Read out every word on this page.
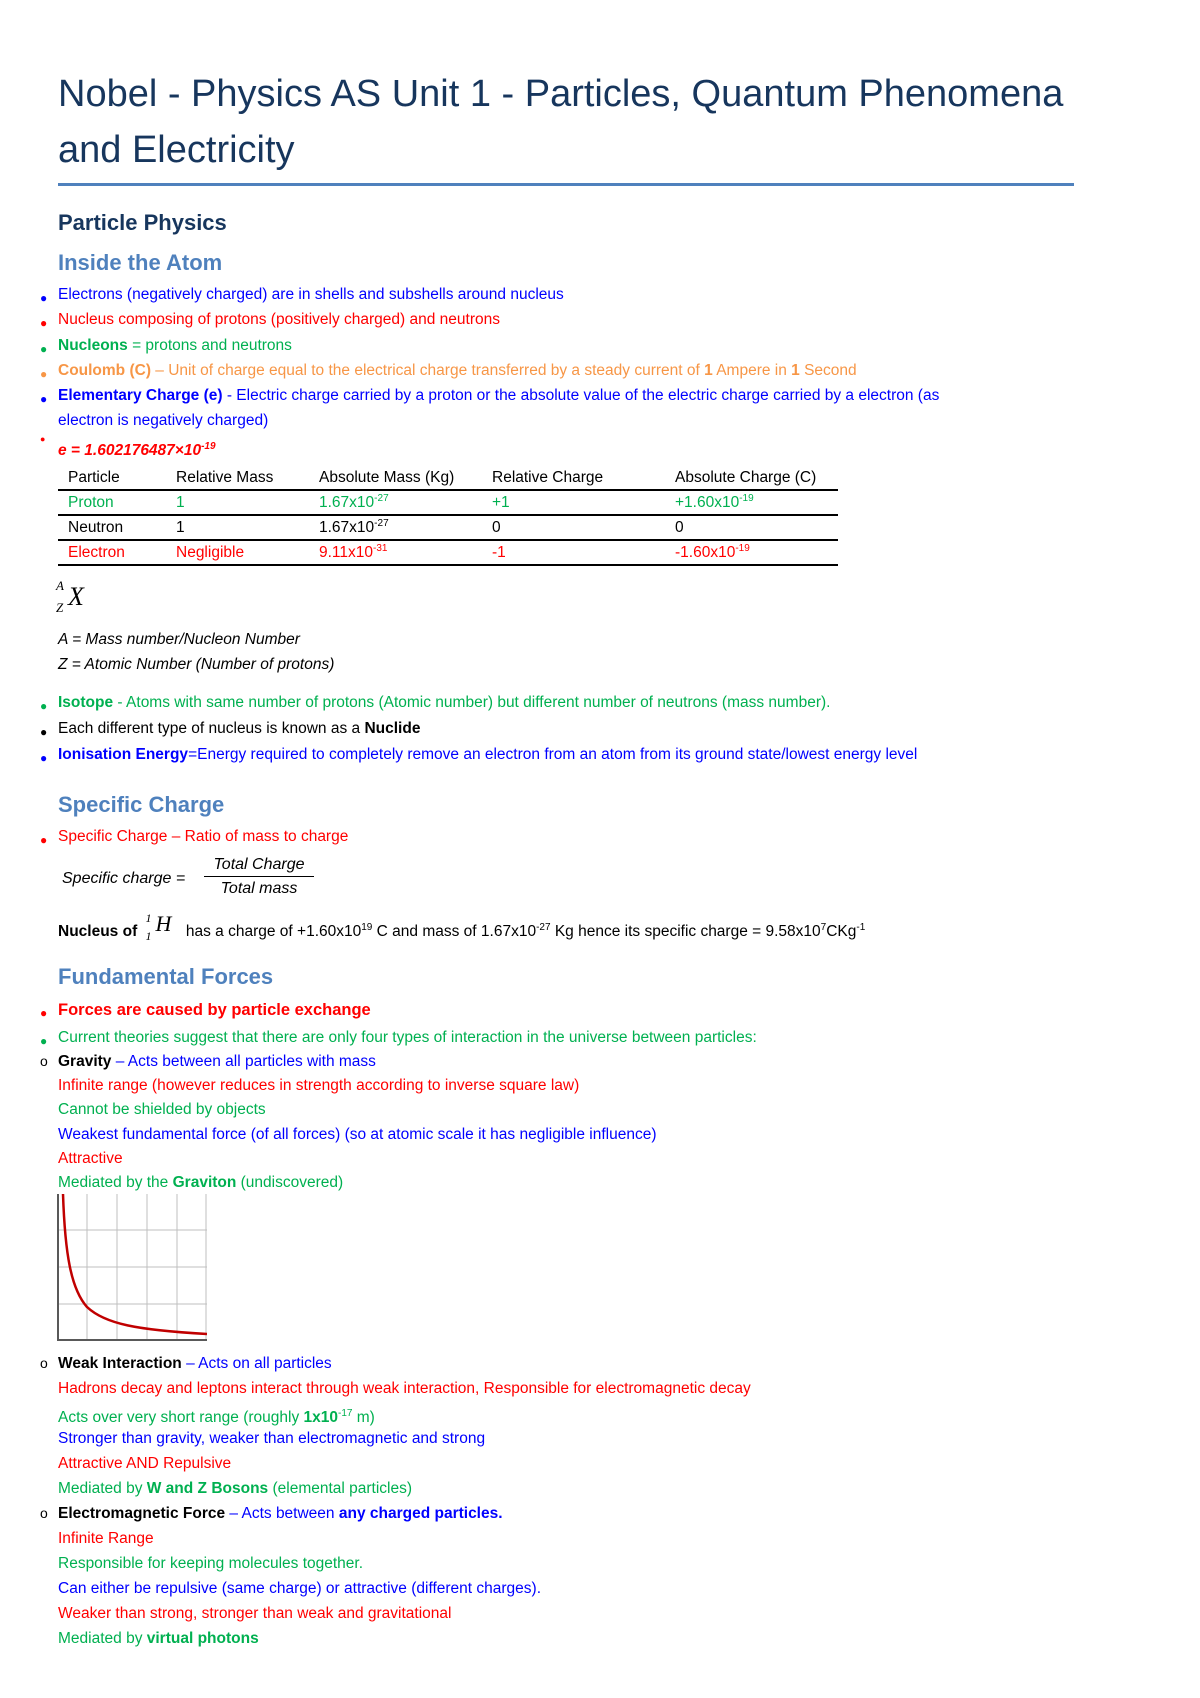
Nobel - Physics AS Unit 1 - Particles, Quantum Phenomena and Electricity
Particle Physics
Inside the Atom
● Electrons (negatively charged) are in shells and subshells around nucleus
● Nucleus composing of protons (positively charged) and neutrons
● Nucleons = protons and neutrons
● Coulomb (C) – Unit of charge equal to the electrical charge transferred by a steady current of 1 Ampere in 1 Second
● Elementary Charge (e) - Electric charge carried by a proton or the absolute value of the electric charge carried by a electron (as
electron is negatively charged)
●
$e = 1.602176487\times 10^{-19}$
Particle	Relative Mass	Absolute Mass (Kg)	Relative Charge	Absolute Charge (C)
Proton	1	$1.67x10^{-27}$	+1	$+1.60x10^{-19}$
Neutron	1	$1.67x10^{-27}$	0	0
Electron	Negligible	$9.11x10^{-31}$	-1	$-1.60x10^{-19}$
A
Z X
A = Mass number/Nucleon Number
Z = Atomic Number (Number of protons)
● Isotope - Atoms with same number of protons (Atomic number) but different number of neutrons (mass number).
● Each different type of nucleus is known as a Nuclide
● Ionisation Energy=Energy required to completely remove an electron from an atom from its ground state/lowest energy level
Specific Charge
● Specific Charge – Ratio of mass to charge
Specific charge =
Total Charge
Total mass
Nucleus of
1
1 H has a charge of $+1.60x10^{19}$ C and mass of $1.67x10^{-27}$ Kg hence its specific charge = $9.58x10^7CKg^{-1}$
Fundamental Forces
● Forces are caused by particle exchange
● Current theories suggest that there are only four types of interaction in the universe between particles:
o Gravity – Acts between all particles with mass
Infinite range (however reduces in strength according to inverse square law)
Cannot be shielded by objects
Weakest fundamental force (of all forces) (so at atomic scale it has negligible influence)
Attractive
Mediated by the Graviton (undiscovered)
o Weak Interaction – Acts on all particles
Hadrons decay and leptons interact through weak interaction, Responsible for electromagnetic decay
Acts over very short range (roughly $1x10^{-17}$ m)
Stronger than gravity, weaker than electromagnetic and strong
Attractive AND Repulsive
Mediated by W and Z Bosons (elemental particles)
o Electromagnetic Force – Acts between any charged particles.
Infinite Range
Responsible for keeping molecules together.
Can either be repulsive (same charge) or attractive (different charges).
Weaker than strong, stronger than weak and gravitational
Mediated by virtual photons
